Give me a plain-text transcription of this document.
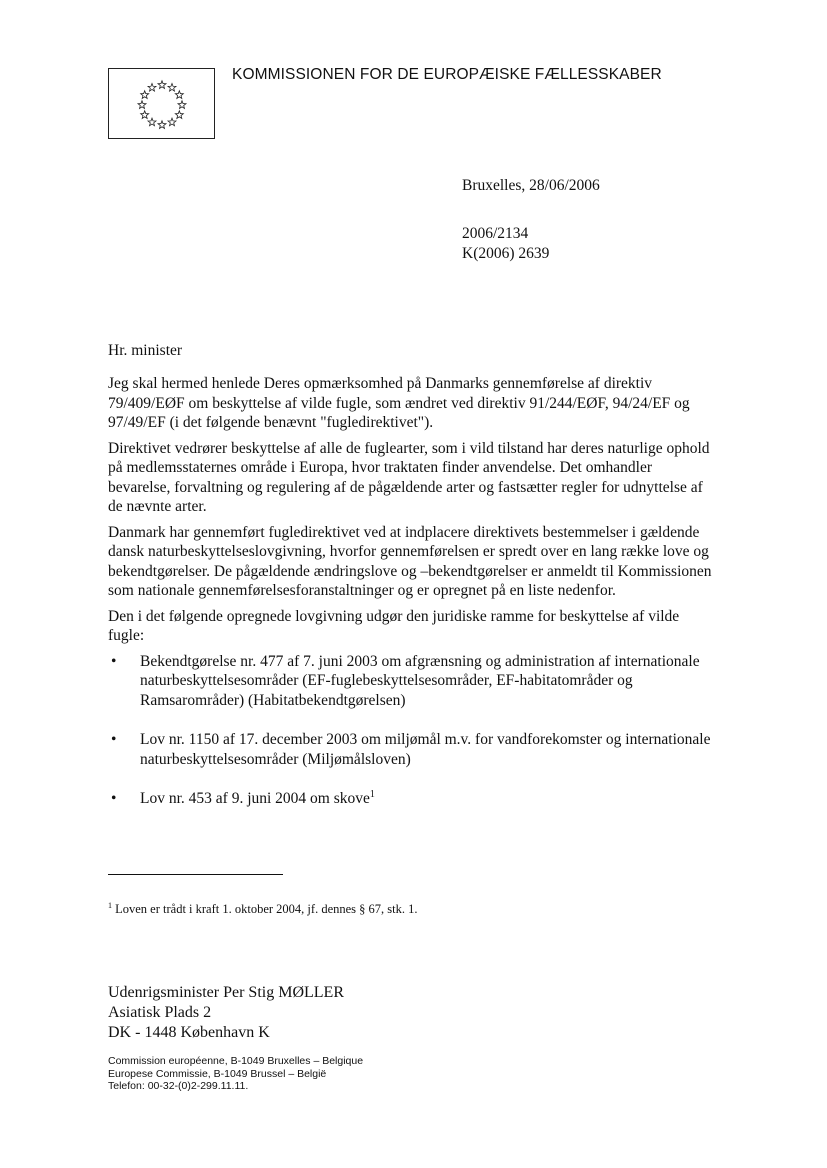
KOMMISSIONEN FOR DE EUROPÆISKE FÆLLESSKABER
Bruxelles, 28/06/2006
2006/2134
K(2006) 2639
Hr. minister

Jeg skal hermed henlede Deres opmærksomhed på Danmarks gennemførelse af direktiv 79/409/EØF om beskyttelse af vilde fugle, som ændret ved direktiv 91/244/EØF, 94/24/EF og 97/49/EF (i det følgende benævnt "fugledirektivet").

Direktivet vedrører beskyttelse af alle de fuglearter, som i vild tilstand har deres naturlige ophold på medlemsstaternes område i Europa, hvor traktaten finder anvendelse. Det omhandler bevarelse, forvaltning og regulering af de pågældende arter og fastsætter regler for udnyttelse af de nævnte arter.

Danmark har gennemført fugledirektivet ved at indplacere direktivets bestemmelser i gældende dansk naturbeskyttelseslovgivning, hvorfor gennemførelsen er spredt over en lang række love og bekendtgørelser. De pågældende ændringslove og –bekendtgørelser er anmeldt til Kommissionen som nationale gennemførelsesforanstaltninger og er opregnet på en liste nedenfor.

Den i det følgende opregnede lovgivning udgør den juridiske ramme for beskyttelse af vilde fugle:

• Bekendtgørelse nr. 477 af 7. juni 2003 om afgrænsning og administration af internationale naturbeskyttelsesområder (EF-fuglebeskyttelsesområder, EF-habitatområder og Ramsarområder) (Habitatbekendtgørelsen)
• Lov nr. 1150 af 17. december 2003 om miljømål m.v. for vandforekomster og internationale naturbeskyttelsesområder (Miljømålsloven)
• Lov nr. 453 af 9. juni 2004 om skove$^1$
$^1$ Loven er trådt i kraft 1. oktober 2004, jf. dennes § 67, stk. 1.
Udenrigsminister Per Stig MØLLER
Asiatisk Plads 2
DK - 1448 København K
Commission européenne, B-1049 Bruxelles – Belgique
Europese Commissie, B-1049 Brussel – België
Telefon: 00-32-(0)2-299.11.11.
